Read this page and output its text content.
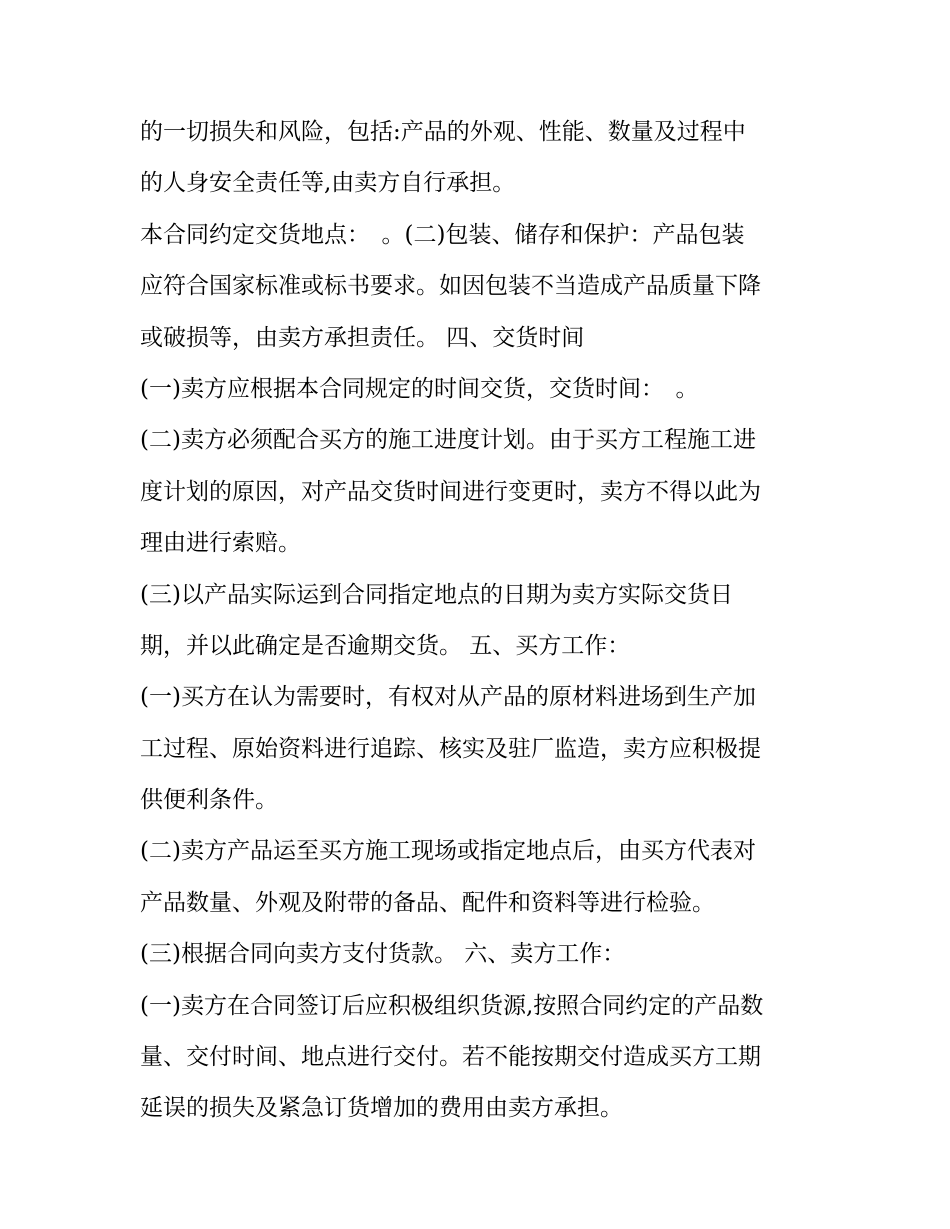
的一切损失和风险，包括:产品的外观、性能、数量及过程中
的人身安全责任等,由卖方自行承担。
本合同约定交货地点：　。(二)包装、储存和保护：产品包装
应符合国家标准或标书要求。如因包装不当造成产品质量下降
或破损等，由卖方承担责任。 四、交货时间
(一)卖方应根据本合同规定的时间交货，交货时间：　。
(二)卖方必须配合买方的施工进度计划。由于买方工程施工进
度计划的原因，对产品交货时间进行变更时，卖方不得以此为
理由进行索赔。
(三)以产品实际运到合同指定地点的日期为卖方实际交货日
期，并以此确定是否逾期交货。 五、买方工作：
(一)买方在认为需要时，有权对从产品的原材料进场到生产加
工过程、原始资料进行追踪、核实及驻厂监造，卖方应积极提
供便利条件。
(二)卖方产品运至买方施工现场或指定地点后，由买方代表对
产品数量、外观及附带的备品、配件和资料等进行检验。
(三)根据合同向卖方支付货款。 六、卖方工作：
(一)卖方在合同签订后应积极组织货源,按照合同约定的产品数
量、交付时间、地点进行交付。若不能按期交付造成买方工期
延误的损失及紧急订货增加的费用由卖方承担。
